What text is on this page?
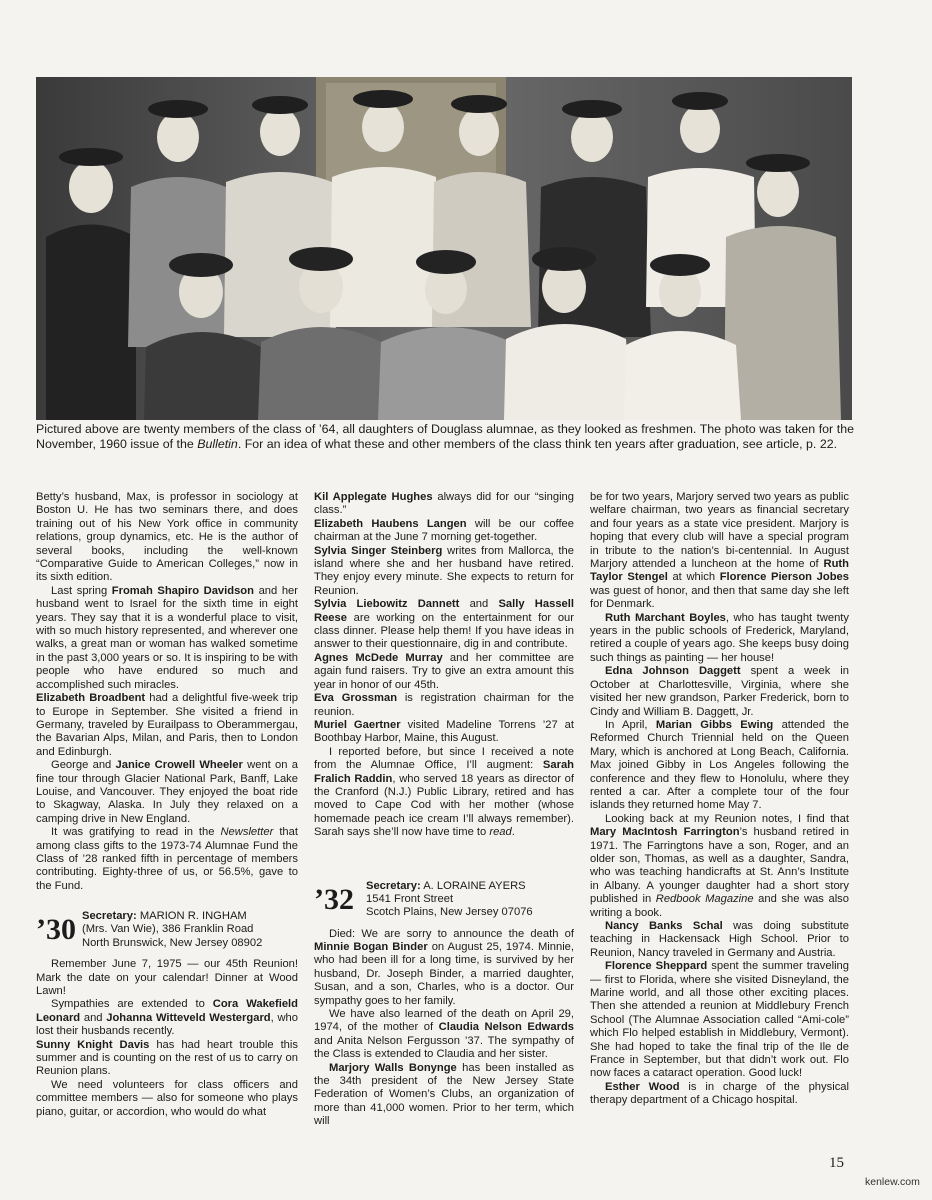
Pictured above are twenty members of the class of ’64, all daughters of Douglass alumnae, as they looked as freshmen. The photo was taken for the November, 1960 issue of the Bulletin. For an idea of what these and other members of the class think ten years after graduation, see article, p. 22.

Betty’s husband, Max, is professor in sociology at Boston U. He has two seminars there, and does training out of his New York office in community relations, group dynamics, etc. He is the author of several books, including the well-known “Comparative Guide to American Colleges,” now in its sixth edition.

Last spring Fromah Shapiro Davidson and her husband went to Israel for the sixth time in eight years. They say that it is a wonderful place to visit, with so much history represented, and wherever one walks, a great man or woman has walked sometime in the past 3,000 years or so. It is inspiring to be with people who have endured so much and accomplished such miracles.

Elizabeth Broadbent had a delightful five-week trip to Europe in September. She visited a friend in Germany, traveled by Eurailpass to Oberammergau, the Bavarian Alps, Milan, and Paris, then to London and Edinburgh.

George and Janice Crowell Wheeler went on a fine tour through Glacier National Park, Banff, Lake Louise, and Vancouver. They enjoyed the boat ride to Skagway, Alaska. In July they relaxed on a camping drive in New England.

It was gratifying to read in the Newsletter that among class gifts to the 1973-74 Alumnae Fund the Class of ’28 ranked fifth in percentage of members contributing. Eighty-three of us, or 56.5%, gave to the Fund.

’30 Secretary: MARION R. INGHAM
(Mrs. Van Wie), 386 Franklin Road
North Brunswick, New Jersey 08902

Remember June 7, 1975 — our 45th Reunion! Mark the date on your calendar! Dinner at Wood Lawn!

Sympathies are extended to Cora Wakefield Leonard and Johanna Witteveld Westergard, who lost their husbands recently.

Sunny Knight Davis has had heart trouble this summer and is counting on the rest of us to carry on Reunion plans.

We need volunteers for class officers and committee members — also for someone who plays piano, guitar, or accordion, who would do what

Kil Applegate Hughes always did for our “singing class.”

Elizabeth Haubens Langen will be our coffee chairman at the June 7 morning get-together.

Sylvia Singer Steinberg writes from Mallorca, the island where she and her husband have retired. They enjoy every minute. She expects to return for Reunion.

Sylvia Liebowitz Dannett and Sally Hassell Reese are working on the entertainment for our class dinner. Please help them! If you have ideas in answer to their questionnaire, dig in and contribute.

Agnes McDede Murray and her committee are again fund raisers. Try to give an extra amount this year in honor of our 45th.

Eva Grossman is registration chairman for the reunion.

Muriel Gaertner visited Madeline Torrens ’27 at Boothbay Harbor, Maine, this August.

I reported before, but since I received a note from the Alumnae Office, I’ll augment: Sarah Fralich Raddin, who served 18 years as director of the Cranford (N.J.) Public Library, retired and has moved to Cape Cod with her mother (whose homemade peach ice cream I’ll always remember). Sarah says she’ll now have time to read.

’32 Secretary: A. LORAINE AYERS
1541 Front Street
Scotch Plains, New Jersey 07076

Died: We are sorry to announce the death of Minnie Bogan Binder on August 25, 1974. Minnie, who had been ill for a long time, is survived by her husband, Dr. Joseph Binder, a married daughter, Susan, and a son, Charles, who is a doctor. Our sympathy goes to her family.

We have also learned of the death on April 29, 1974, of the mother of Claudia Nelson Edwards and Anita Nelson Fergusson ’37. The sympathy of the Class is extended to Claudia and her sister.

Marjory Walls Bonynge has been installed as the 34th president of the New Jersey State Federation of Women’s Clubs, an organization of more than 41,000 women. Prior to her term, which will

be for two years, Marjory served two years as public welfare chairman, two years as financial secretary and four years as a state vice president. Marjory is hoping that every club will have a special program in tribute to the nation’s bi-centennial. In August Marjory attended a luncheon at the home of Ruth Taylor Stengel at which Florence Pierson Jobes was guest of honor, and then that same day she left for Denmark.

Ruth Marchant Boyles, who has taught twenty years in the public schools of Frederick, Maryland, retired a couple of years ago. She keeps busy doing such things as painting — her house!

Edna Johnson Daggett spent a week in October at Charlottesville, Virginia, where she visited her new grandson, Parker Frederick, born to Cindy and William B. Daggett, Jr.

In April, Marian Gibbs Ewing attended the Reformed Church Triennial held on the Queen Mary, which is anchored at Long Beach, California. Max joined Gibby in Los Angeles following the conference and they flew to Honolulu, where they rented a car. After a complete tour of the four islands they returned home May 7.

Looking back at my Reunion notes, I find that Mary MacIntosh Farrington’s husband retired in 1971. The Farringtons have a son, Roger, and an older son, Thomas, as well as a daughter, Sandra, who was teaching handicrafts at St. Ann’s Institute in Albany. A younger daughter had a short story published in Redbook Magazine and she was also writing a book.

Nancy Banks Schal was doing substitute teaching in Hackensack High School. Prior to Reunion, Nancy traveled in Germany and Austria.

Florence Sheppard spent the summer traveling — first to Florida, where she visited Disneyland, the Marine world, and all those other exciting places. Then she attended a reunion at Middlebury French School (The Alumnae Association called “Ami-cole” which Flo helped establish in Middlebury, Vermont). She had hoped to take the final trip of the Ile de France in September, but that didn’t work out. Flo now faces a cataract operation. Good luck!

Esther Wood is in charge of the physical therapy department of a Chicago hospital.

15
kenlew.com
